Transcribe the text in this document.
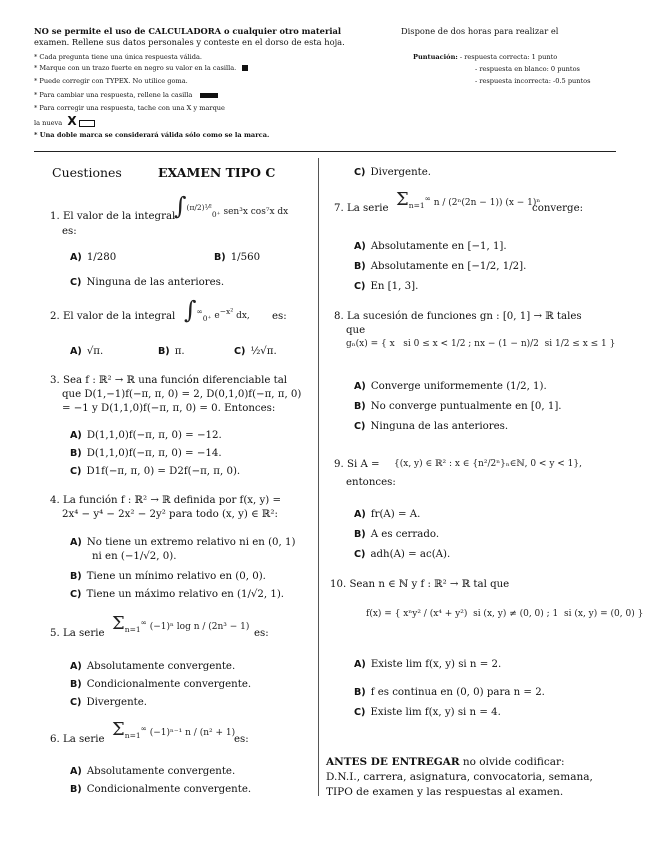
NO se permite el uso de CALCULADORA o cualquier otro material	Dispone de dos horas para realizar el
examen. Rellene sus datos personales y conteste en el dorso de esta hoja.
* Cada pregunta tiene una única respuesta válida.
* Marque con un trazo fuerte en negro su valor en la casilla.
* Puede corregir con TYPEX. No utilice goma.
* Para cambiar una respuesta, rellene la casilla
* Para corregir una respuesta, tache con una X y marque
la nueva X
* Una doble marca se considerará válida sólo como se la marca.
Puntuación: - respuesta correcta: 1 punto
- respuesta en blanco: 0 puntos
- respuesta incorrecta: -0.5 puntos
Cuestiones	EXAMEN TIPO C
1. El valor de la integral
∫$^{(\pi/2)^1⁄^2}_{0^+}$ sen³x cos⁷x dx
es:
A) 1/280	B) 1/560
C) Ninguna de las anteriores.
2. El valor de la integral $\int^\infty_{0^+}$ $e^{-x^2}$ dx, es:
A) √π.	B) π.	C) ½√π.
3. Sea f : ℝ² → ℝ una función diferenciable tal
que D(1,−1)f(−π, π, 0) = 2, D(0,1,0)f(−π, π, 0)
= −1 y D(1,1,0)f(−π, π, 0) = 0. Entonces:
A) D(1,1,0)f(−π, π, 0) = −12.
B) D(1,1,0)f(−π, π, 0) = −14.
C) D1f(−π, π, 0) = D2f(−π, π, 0).
4. La función f : ℝ² → ℝ definida por f(x, y) =
2x⁴ − y⁴ − 2x² − 2y² para todo (x, y) ∈ ℝ²:
A) No tiene un extremo relativo ni en (0, 1)
ni en (−1/√2, 0).
B) Tiene un mínimo relativo en (0, 0).
C) Tiene un máximo relativo en (1/√2, 1).
5. La serie $\Sigma_{n=1}^\infty$ (−1)ⁿ log n / (2n³ − 1)
es:
A) Absolutamente convergente.
B) Condicionalmente convergente.
C) Divergente.
6. La serie $\Sigma_{n=1}^\infty$ (−1)ⁿ⁻¹ n / (n² + 1)
es:
A) Absolutamente convergente.
B) Condicionalmente convergente.
C) Divergente.
7. La serie $\Sigma_{n=1}^\infty$ n / (2ⁿ(2n − 1)) (x − 1)ⁿ
converge:
A) Absolutamente en [−1, 1].
B) Absolutamente en [−1/2, 1/2].
C) En [1, 3].
8. La sucesión de funciones gn : [0, 1] → ℝ tales
que
gₙ(x) = { x   si 0 ≤ x < 1/2 ; nx − (1 − n)/2  si 1/2 ≤ x ≤ 1 }
A) Converge uniformemente (1/2, 1).
B) No converge puntualmente en [0, 1].
C) Ninguna de las anteriores.
9. Si A = {(x, y) ∈ ℝ² : x ∈ {n²/2ⁿ}ₙ∈ℕ, 0 < y < 1},
entonces:
A) fr(A) = A.
B) A es cerrado.
C) adh(A) = ac(A).
10. Sean n ∈ ℕ y f : ℝ² → ℝ tal que
f(x) = { xⁿy² / (x⁴ + y²)  si (x, y) ≠ (0, 0) ; 1  si (x, y) = (0, 0) }
A) Existe lim f(x, y) si n = 2.
B) f es continua en (0, 0) para n = 2.
C) Existe lim f(x, y) si n = 4.
ANTES DE ENTREGAR no olvide codificar:
D.N.I., carrera, asignatura, convocatoria, semana,
TIPO de examen y las respuestas al examen.
